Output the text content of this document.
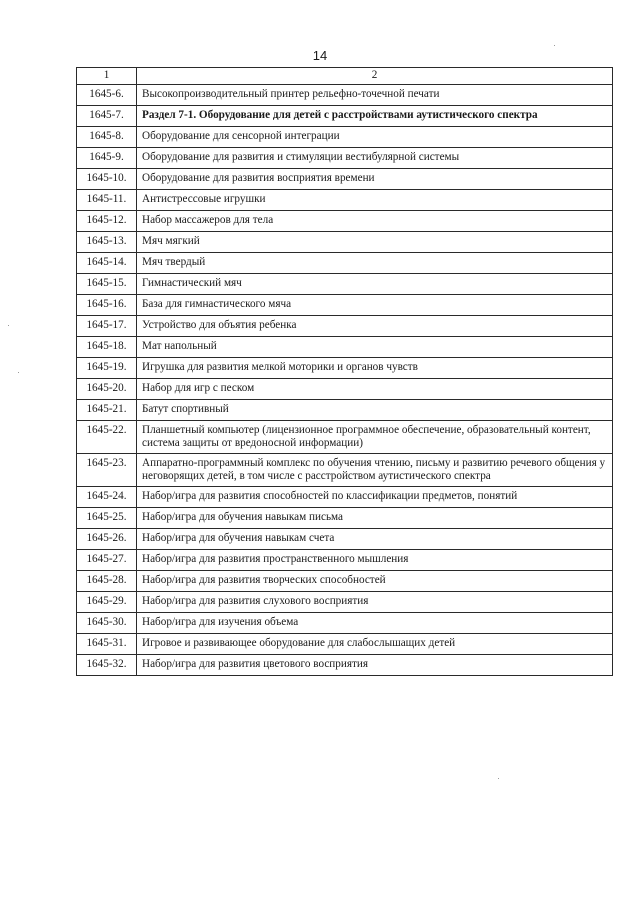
14
1	2
1645-6.	Высокопроизводительный принтер рельефно-точечной печати
1645-7.	Раздел 7-1. Оборудование для детей с расстройствами аутистического спектра
1645-8.	Оборудование для сенсорной интеграции
1645-9.	Оборудование для развития и стимуляции вестибулярной системы
1645-10.	Оборудование для развития восприятия времени
1645-11.	Антистрессовые игрушки
1645-12.	Набор массажеров для тела
1645-13.	Мяч мягкий
1645-14.	Мяч твердый
1645-15.	Гимнастический мяч
1645-16.	База для гимнастического мяча
1645-17.	Устройство для объятия ребенка
1645-18.	Мат напольный
1645-19.	Игрушка для развития мелкой моторики и органов чувств
1645-20.	Набор для игр с песком
1645-21.	Батут спортивный
1645-22.	Планшетный компьютер (лицензионное программное обеспечение, образовательный контент, система защиты от вредоносной информации)
1645-23.	Аппаратно-программный комплекс по обучения чтению, письму и развитию речевого общения у неговорящих детей, в том числе с расстройством аутистического спектра
1645-24.	Набор/игра для развития способностей по классификации предметов, понятий
1645-25.	Набор/игра для обучения навыкам письма
1645-26.	Набор/игра для обучения навыкам счета
1645-27.	Набор/игра для развития пространственного мышления
1645-28.	Набор/игра для развития творческих способностей
1645-29.	Набор/игра для развития слухового восприятия
1645-30.	Набор/игра для изучения объема
1645-31.	Игровое и развивающее оборудование для слабослышащих детей
1645-32.	Набор/игра для развития цветового восприятия
